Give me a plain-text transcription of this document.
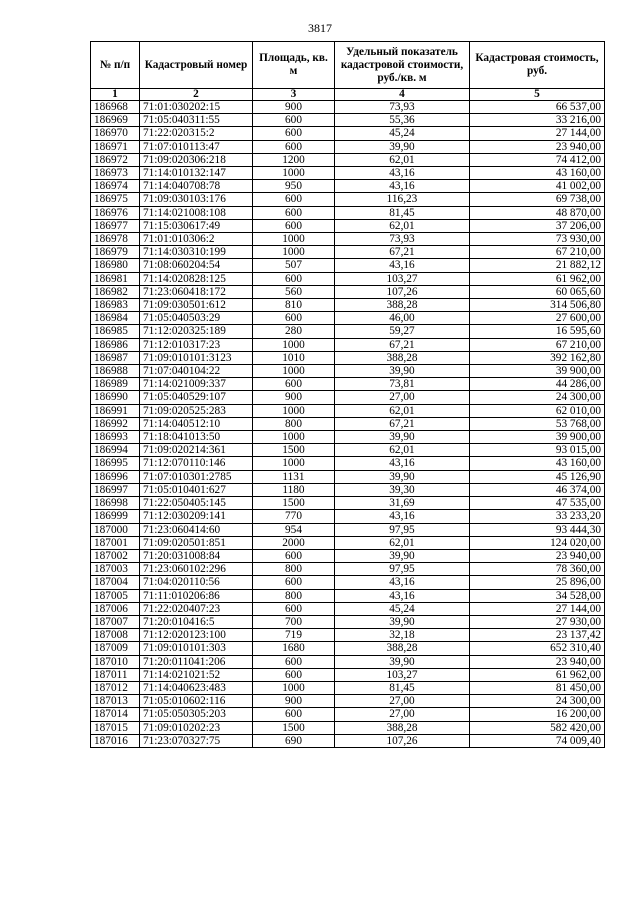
3817
№ п/п	Кадастровый номер	Площадь, кв. м	Удельный показатель кадастровой стоимости, руб./кв. м	Кадастровая стоимость, руб.
1	2	3	4	5
186968	71:01:030202:15	900	73,93	66 537,00
186969	71:05:040311:55	600	55,36	33 216,00
186970	71:22:020315:2	600	45,24	27 144,00
186971	71:07:010113:47	600	39,90	23 940,00
186972	71:09:020306:218	1200	62,01	74 412,00
186973	71:14:010132:147	1000	43,16	43 160,00
186974	71:14:040708:78	950	43,16	41 002,00
186975	71:09:030103:176	600	116,23	69 738,00
186976	71:14:021008:108	600	81,45	48 870,00
186977	71:15:030617:49	600	62,01	37 206,00
186978	71:01:010306:2	1000	73,93	73 930,00
186979	71:14:030310:199	1000	67,21	67 210,00
186980	71:08:060204:54	507	43,16	21 882,12
186981	71:14:020828:125	600	103,27	61 962,00
186982	71:23:060418:172	560	107,26	60 065,60
186983	71:09:030501:612	810	388,28	314 506,80
186984	71:05:040503:29	600	46,00	27 600,00
186985	71:12:020325:189	280	59,27	16 595,60
186986	71:12:010317:23	1000	67,21	67 210,00
186987	71:09:010101:3123	1010	388,28	392 162,80
186988	71:07:040104:22	1000	39,90	39 900,00
186989	71:14:021009:337	600	73,81	44 286,00
186990	71:05:040529:107	900	27,00	24 300,00
186991	71:09:020525:283	1000	62,01	62 010,00
186992	71:14:040512:10	800	67,21	53 768,00
186993	71:18:041013:50	1000	39,90	39 900,00
186994	71:09:020214:361	1500	62,01	93 015,00
186995	71:12:070110:146	1000	43,16	43 160,00
186996	71:07:010301:2785	1131	39,90	45 126,90
186997	71:05:010401:627	1180	39,30	46 374,00
186998	71:22:050405:145	1500	31,69	47 535,00
186999	71:12:030209:141	770	43,16	33 233,20
187000	71:23:060414:60	954	97,95	93 444,30
187001	71:09:020501:851	2000	62,01	124 020,00
187002	71:20:031008:84	600	39,90	23 940,00
187003	71:23:060102:296	800	97,95	78 360,00
187004	71:04:020110:56	600	43,16	25 896,00
187005	71:11:010206:86	800	43,16	34 528,00
187006	71:22:020407:23	600	45,24	27 144,00
187007	71:20:010416:5	700	39,90	27 930,00
187008	71:12:020123:100	719	32,18	23 137,42
187009	71:09:010101:303	1680	388,28	652 310,40
187010	71:20:011041:206	600	39,90	23 940,00
187011	71:14:021021:52	600	103,27	61 962,00
187012	71:14:040623:483	1000	81,45	81 450,00
187013	71:05:010602:116	900	27,00	24 300,00
187014	71:05:050305:203	600	27,00	16 200,00
187015	71:09:010202:23	1500	388,28	582 420,00
187016	71:23:070327:75	690	107,26	74 009,40
